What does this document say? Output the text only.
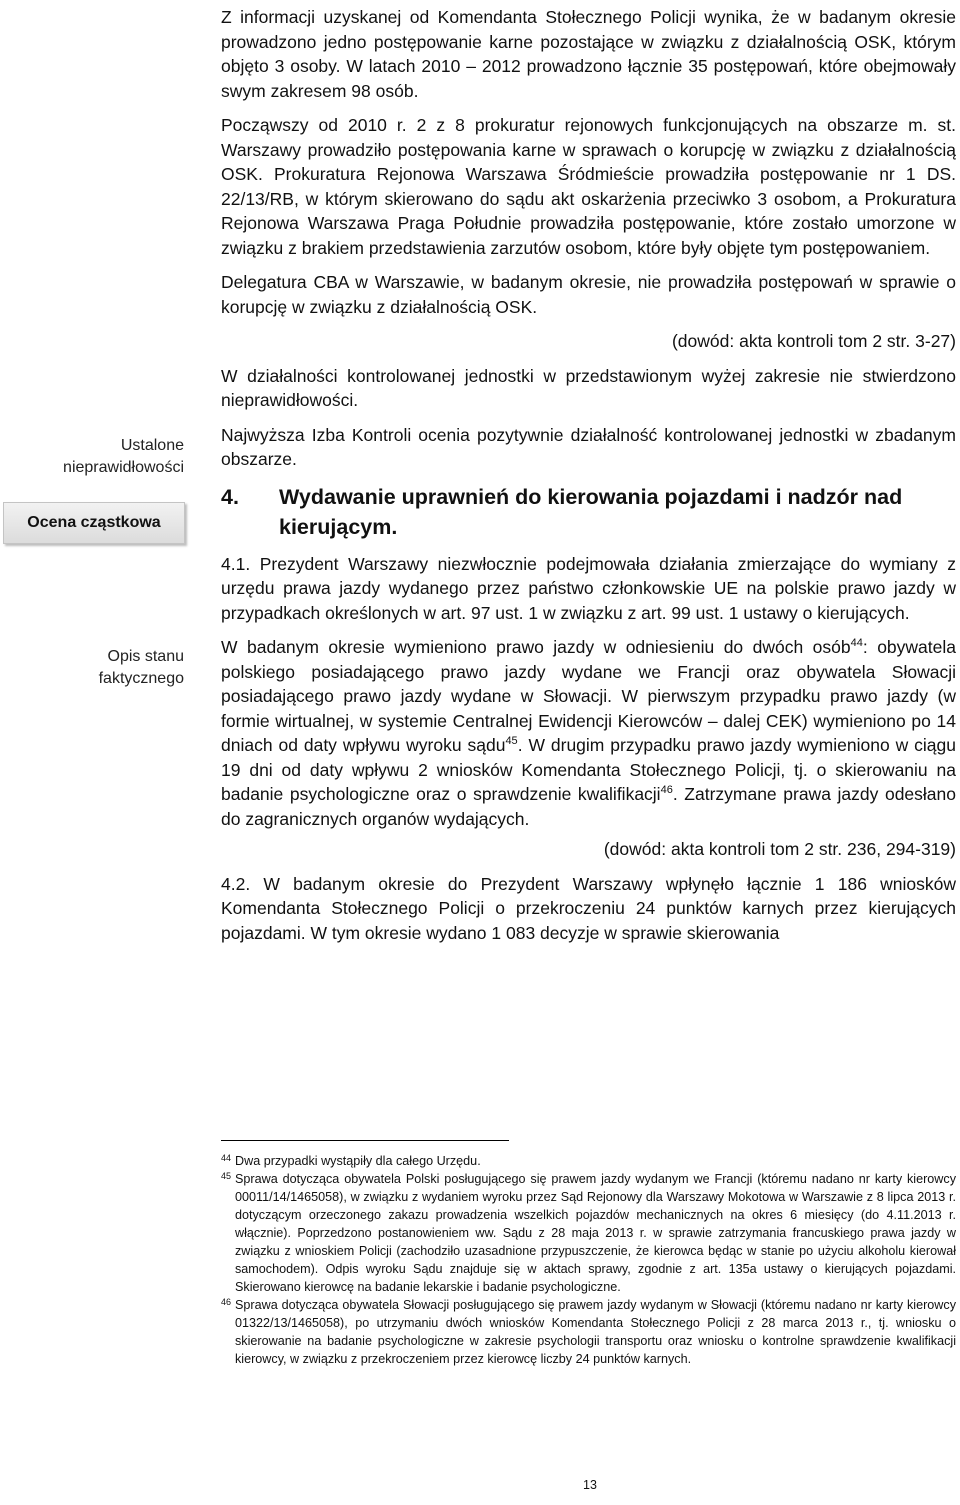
Ustalone
nieprawidłowości
Ocena cząstkowa
Opis stanu
faktycznego

Z informacji uzyskanej od Komendanta Stołecznego Policji wynika, że w badanym okresie prowadzono jedno postępowanie karne pozostające w związku z działalnością OSK, którym objęto 3 osoby. W latach 2010 – 2012 prowadzono łącznie 35 postępowań, które obejmowały swym zakresem 98 osób.

Począwszy od 2010 r. 2 z 8 prokuratur rejonowych funkcjonujących na obszarze m. st. Warszawy prowadziło postępowania karne w sprawach o korupcję w związku z działalnością OSK. Prokuratura Rejonowa Warszawa Śródmieście prowadziła postępowanie nr 1 DS. 22/13/RB, w którym skierowano do sądu akt oskarżenia przeciwko 3 osobom, a Prokuratura Rejonowa Warszawa Praga Południe prowadziła postępowanie, które zostało umorzone w związku z brakiem przedstawienia zarzutów osobom, które były objęte tym postępowaniem.

Delegatura CBA w Warszawie, w badanym okresie, nie prowadziła postępowań w sprawie o korupcję w związku z działalnością OSK.

(dowód: akta kontroli tom 2 str. 3-27)

W działalności kontrolowanej jednostki w przedstawionym wyżej zakresie nie stwierdzono nieprawidłowości.

Najwyższa Izba Kontroli ocenia pozytywnie działalność kontrolowanej jednostki w zbadanym obszarze.

4.	Wydawanie uprawnień do kierowania pojazdami i nadzór nad kierującym.

4.1. Prezydent Warszawy niezwłocznie podejmowała działania zmierzające do wymiany z urzędu prawa jazdy wydanego przez państwo członkowskie UE na polskie prawo jazdy w przypadkach określonych w art. 97 ust. 1 w związku z art. 99 ust. 1 ustawy o kierujących.

W badanym okresie wymieniono prawo jazdy w odniesieniu do dwóch osób$^{44}$: obywatela polskiego posiadającego prawo jazdy wydane we Francji oraz obywatela Słowacji posiadającego prawo jazdy wydane w Słowacji. W pierwszym przypadku prawo jazdy (w formie wirtualnej, w systemie Centralnej Ewidencji Kierowców – dalej CEK) wymieniono po 14 dniach od daty wpływu wyroku sądu$^{45}$. W drugim przypadku prawo jazdy wymieniono w ciągu 19 dni od daty wpływu 2 wniosków Komendanta Stołecznego Policji, tj. o skierowaniu na badanie psychologiczne oraz o sprawdzenie kwalifikacji$^{46}$. Zatrzymane prawa jazdy odesłano do zagranicznych organów wydających.

(dowód: akta kontroli tom 2 str. 236, 294-319)

4.2. W badanym okresie do Prezydent Warszawy wpłynęło łącznie 1 186 wniosków Komendanta Stołecznego Policji o przekroczeniu 24 punktów karnych przez kierujących pojazdami. W tym okresie wydano 1 083 decyzje w sprawie skierowania

44 Dwa przypadki wystąpiły dla całego Urzędu.
45 Sprawa dotycząca obywatela Polski posługującego się prawem jazdy wydanym we Francji (któremu nadano nr karty kierowcy 00011/14/1465058), w związku z wydaniem wyroku przez Sąd Rejonowy dla Warszawy Mokotowa w Warszawie z 8 lipca 2013 r. dotyczącym orzeczonego zakazu prowadzenia wszelkich pojazdów mechanicznych na okres 6 miesięcy (do 4.11.2013 r. włącznie). Poprzedzono postanowieniem ww. Sądu z 28 maja 2013 r. w sprawie zatrzymania francuskiego prawa jazdy w związku z wnioskiem Policji (zachodziło uzasadnione przypuszczenie, że kierowca będąc w stanie po użyciu alkoholu kierował samochodem). Odpis wyroku Sądu znajduje się w aktach sprawy, zgodnie z art. 135a ustawy o kierujących pojazdami. Skierowano kierowcę na badanie lekarskie i badanie psychologiczne.
46 Sprawa dotycząca obywatela Słowacji posługującego się prawem jazdy wydanym w Słowacji (któremu nadano nr karty kierowcy 01322/13/1465058), po utrzymaniu dwóch wniosków Komendanta Stołecznego Policji z 28 marca 2013 r., tj. wniosku o skierowanie na badanie psychologiczne w zakresie psychologii transportu oraz wniosku o kontrolne sprawdzenie kwalifikacji kierowcy, w związku z przekroczeniem przez kierowcę liczby 24 punktów karnych.
13
